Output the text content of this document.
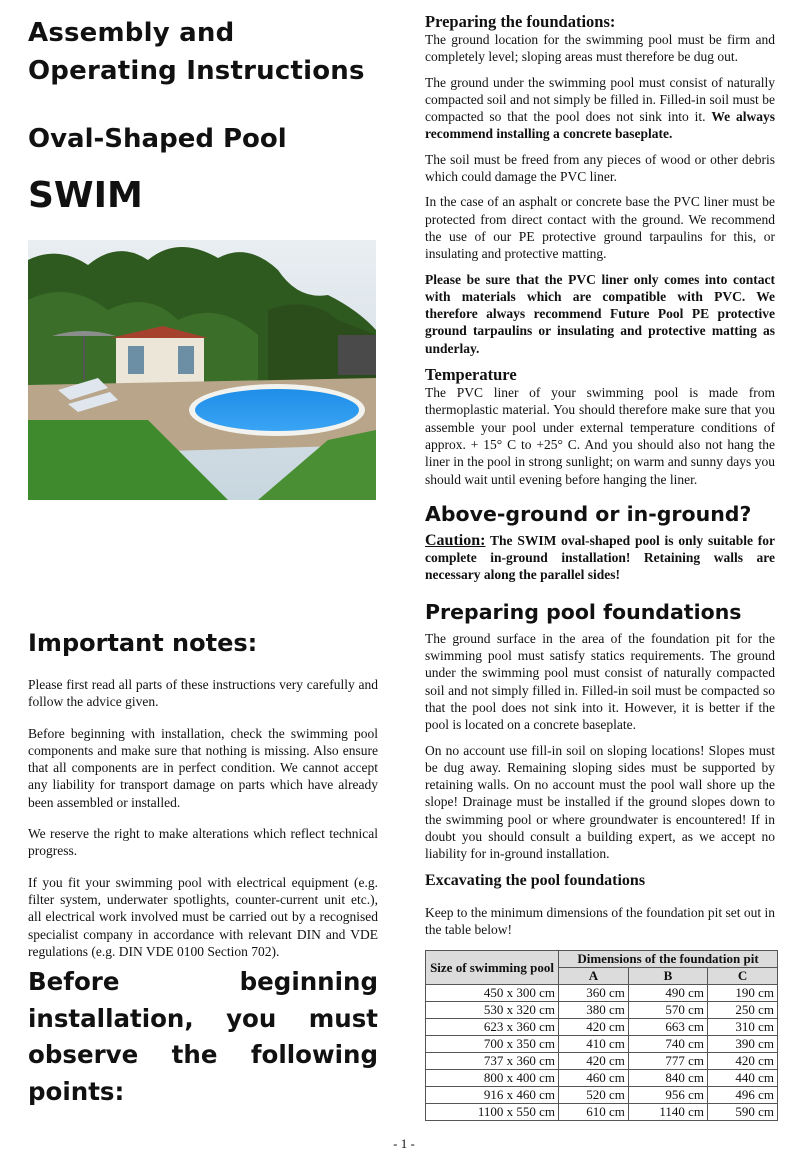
Assembly and
Operating Instructions
Oval-Shaped Pool
SWIM
Important notes:

Please first read all parts of these instructions very carefully and follow the advice given.

Before beginning with installation, check the swimming pool components and make sure that nothing is missing. Also ensure that all components are in perfect condition. We cannot accept any liability for transport damage on parts which have already been assembled or installed.

We reserve the right to make alterations which reflect technical progress.

If you fit your swimming pool with electrical equipment (e.g. filter system, underwater spotlights, counter-current unit etc.), all electrical work involved must be carried out by a recognised specialist company in accordance with relevant DIN and VDE regulations (e.g. DIN VDE 0100 Section 702).

Before beginning installation, you must observe the following points:
Preparing the foundations:

The ground location for the swimming pool must be firm and completely level; sloping areas must therefore be dug out.

The ground under the swimming pool must consist of naturally compacted soil and not simply be filled in. Filled-in soil must be compacted so that the pool does not sink into it. We always recommend installing a concrete baseplate.

The soil must be freed from any pieces of wood or other debris which could damage the PVC liner.

In the case of an asphalt or concrete base the PVC liner must be protected from direct contact with the ground. We recommend the use of our PE protective ground tarpaulins for this, or insulating and protective matting.

Please be sure that the PVC liner only comes into contact with materials which are compatible with PVC. We therefore always recommend Future Pool PE protective ground tarpaulins or insulating and protective matting as underlay.

Temperature

The PVC liner of your swimming pool is made from thermoplastic material. You should therefore make sure that you assemble your pool under external temperature conditions of approx. + 15° C to +25° C. And you should also not hang the liner in the pool in strong sunlight; on warm and sunny days you should wait until evening before hanging the liner.

Above-ground or in-ground?

Caution: The SWIM oval-shaped pool is only suitable for complete in-ground installation! Retaining walls are necessary along the parallel sides!

Preparing pool foundations

The ground surface in the area of the foundation pit for the swimming pool must satisfy statics requirements. The ground under the swimming pool must consist of naturally compacted soil and not simply filled in. Filled-in soil must be compacted so that the pool does not sink into it. However, it is better if the pool is located on a concrete baseplate.

On no account use fill-in soil on sloping locations! Slopes must be dug away. Remaining sloping sides must be supported by retaining walls. On no account must the pool wall shore up the slope! Drainage must be installed if the ground slopes down to the swimming pool or where groundwater is encountered! If in doubt you should consult a building expert, as we accept no liability for in-ground installation.

Excavating the pool foundations

Keep to the minimum dimensions of the foundation pit set out in the table below!

Size of swimming pool	Dimensions of the foundation pit		
	A	B	C
450 x 300 cm	360 cm	490 cm	190 cm
530 x 320 cm	380 cm	570 cm	250 cm
623 x 360 cm	420 cm	663 cm	310 cm
700 x 350 cm	410 cm	740 cm	390 cm
737 x 360 cm	420 cm	777 cm	420 cm
800 x 400 cm	460 cm	840 cm	440 cm
916 x 460 cm	520 cm	956 cm	496 cm
1100 x 550 cm	610 cm	1140 cm	590 cm
- 1 -
